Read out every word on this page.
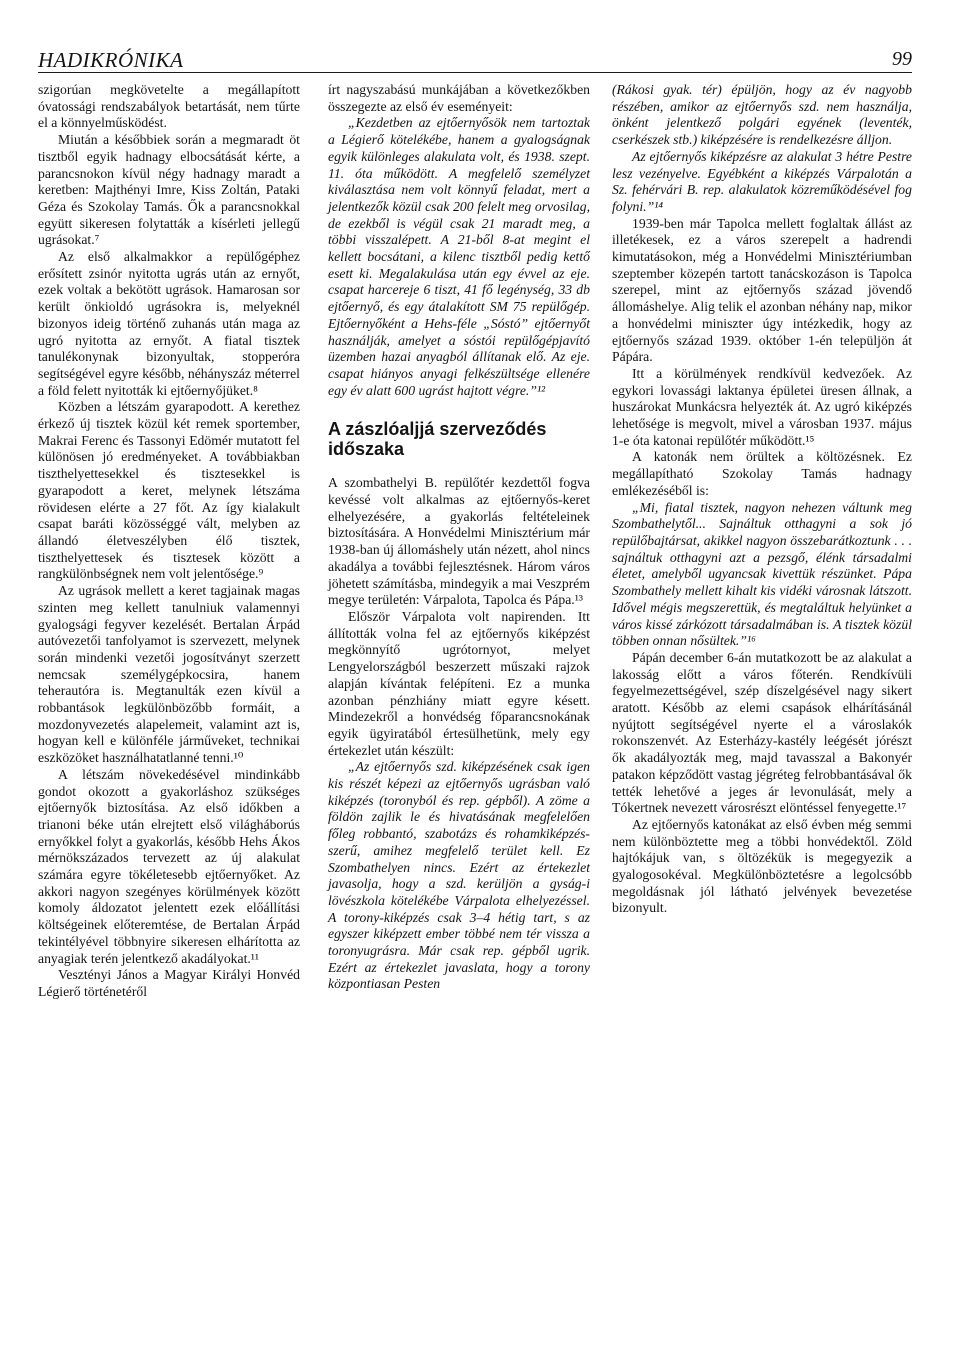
HADIKRÓNIKA	99

szigorúan megkövetelte a megállapított óvatossági rendszabályok betartását, nem tűrte el a könnyelműsködést.

Miután a későbbiek során a megmaradt öt tisztből egyik hadnagy elbocsátását kérte, a parancsnokon kívül négy hadnagy maradt a keretben: Majthényi Imre, Kiss Zoltán, Pataki Géza és Szokolay Tamás. Ők a parancsnokkal együtt sikeresen folytatták a kísérleti jellegű ugrásokat.⁷

Az első alkalmakkor a repülőgéphez erősített zsinór nyitotta ugrás után az ernyőt, ezek voltak a bekötött ugrások. Hamarosan sor került önkioldó ugrásokra is, melyeknél bizonyos ideig történő zuhanás után maga az ugró nyitotta az ernyőt. A fiatal tisztek tanulékonynak bizonyultak, stopperóra segítségével egyre később, néhányszáz méterrel a föld felett nyitották ki ejtőernyőjüket.⁸

Közben a létszám gyarapodott. A kerethez érkező új tisztek közül két remek sportember, Makrai Ferenc és Tassonyi Edömér mutatott fel különösen jó eredményeket. A továbbiakban tiszthelyettesekkel és tisztesekkel is gyarapodott a keret, melynek létszáma rövidesen elérte a 27 főt. Az így kialakult csapat baráti közösséggé vált, melyben az állandó életveszélyben élő tisztek, tiszthelyettesek és tisztesek között a rangkülönbségnek nem volt jelentősége.⁹

Az ugrások mellett a keret tagjainak magas szinten meg kellett tanulniuk valamennyi gyalogsági fegyver kezelését. Bertalan Árpád autóvezetői tanfolyamot is szervezett, melynek során mindenki vezetői jogosítványt szerzett nemcsak személygépkocsira, hanem teherautóra is. Megtanulták ezen kívül a robbantások legkülönbözőbb formáit, a mozdonyvezetés alapelemeit, valamint azt is, hogyan kell e különféle járműveket, technikai eszközöket használhatatlanné tenni.¹⁰

A létszám növekedésével mindinkább gondot okozott a gyakorláshoz szükséges ejtőernyők biztosítása. Az első időkben a trianoni béke után elrejtett első világháborús ernyőkkel folyt a gyakorlás, később Hehs Ákos mérnökszázados tervezett az új alakulat számára egyre tökéletesebb ejtőernyőket. Az akkori nagyon szegényes körülmények között komoly áldozatot jelentett ezek előállítási költségeinek előteremtése, de Bertalan Árpád tekintélyével többnyire sikeresen elhárította az anyagiak terén jelentkező akadályokat.¹¹

Vesztényi János a Magyar Királyi Honvéd Légierő történetéről

írt nagyszabású munkájában a következőkben összegezte az első év eseményeit:

„Kezdetben az ejtőernyősök nem tartoztak a Légierő kötelékébe, hanem a gyalogságnak egyik különleges alakulata volt, és 1938. szept. 11. óta működött. A megfelelő személyzet kiválasztása nem volt könnyű feladat, mert a jelentkezők közül csak 200 felelt meg orvosilag, de ezekből is végül csak 21 maradt meg, a többi visszalépett. A 21-ből 8-at megint el kellett bocsátani, a kilenc tisztből pedig kettő esett ki. Megalakulása után egy évvel az eje. csapat harcereje 6 tiszt, 41 fő legénység, 33 db ejtőernyő, és egy átalakított SM 75 repülőgép. Ejtőernyőként a Hehs-féle „Sóstó” ejtőernyőt használják, amelyet a sóstói repülőgépjavító üzemben hazai anyagból állítanak elő. Az eje. csapat hiányos anyagi felkészültsége ellenére egy év alatt 600 ugrást hajtott végre.”¹²

A zászlóaljjá szerveződés időszaka

A szombathelyi B. repülőtér kezdettől fogva kevéssé volt alkalmas az ejtőernyős-keret elhelyezésére, a gyakorlás feltételeinek biztosítására. A Honvédelmi Minisztérium már 1938-ban új állomáshely után nézett, ahol nincs akadálya a további fejlesztésnek. Három város jöhetett számításba, mindegyik a mai Veszprém megye területén: Várpalota, Tapolca és Pápa.¹³

Először Várpalota volt napirenden. Itt állították volna fel az ejtőernyős kiképzést megkönnyítő ugrótornyot, melyet Lengyelországból beszerzett műszaki rajzok alapján kívántak felépíteni. Ez a munka azonban pénzhiány miatt egyre késett. Mindezekről a honvédség főparancsnokának egyik ügyiratából értesülhetünk, mely egy értekezlet után készült:

„Az ejtőernyős szd. kiképzésének csak igen kis részét képezi az ejtőernyős ugrásban való kiképzés (toronyból és rep. gépből). A zöme a földön zajlik le és hivatásának megfelelően főleg robbantó, szabotázs és rohamkiképzés-szerű, amihez megfelelő terület kell. Ez Szombathelyen nincs. Ezért az értekezlet javasolja, hogy a szd. kerüljön a gyság-i lövészkola kötelékébe Várpalota elhelyezéssel. A torony-kiképzés csak 3–4 hétig tart, s az egyszer kiképzett ember többé nem tér vissza a toronyugrásra. Már csak rep. gépből ugrik. Ezért az értekezlet javaslata, hogy a torony központiasan Pesten

(Rákosi gyak. tér) épüljön, hogy az év nagyobb részében, amikor az ejtőernyős szd. nem használja, önként jelentkező polgári egyének (leventék, cserkészek stb.) kiképzésére is rendelkezésre álljon.

Az ejtőernyős kiképzésre az alakulat 3 hétre Pestre lesz vezényelve. Egyébként a kiképzés Várpalotán a Sz. fehérvári B. rep. alakulatok közreműködésével fog folyni.”¹⁴

1939-ben már Tapolca mellett foglaltak állást az illetékesek, ez a város szerepelt a hadrendi kimutatásokon, még a Honvédelmi Minisztériumban szeptember közepén tartott tanácskozáson is Tapolca szerepel, mint az ejtőernyős század jövendő állomáshelye. Alig telik el azonban néhány nap, mikor a honvédelmi miniszter úgy intézkedik, hogy az ejtőernyős század 1939. október 1-én települjön át Pápára.

Itt a körülmények rendkívül kedvezőek. Az egykori lovassági laktanya épületei üresen állnak, a huszárokat Munkácsra helyezték át. Az ugró kiképzés lehetősége is megvolt, mivel a városban 1937. május 1-e óta katonai repülőtér működött.¹⁵

A katonák nem örültek a költözésnek. Ez megállapítható Szokolay Tamás hadnagy emlékezéséből is:

„Mi, fiatal tisztek, nagyon nehezen váltunk meg Szombathelytől... Sajnáltuk otthagyni a sok jó repülőbajtársat, akikkel nagyon összebarátkoztunk . . . sajnáltuk otthagyni azt a pezsgő, élénk társadalmi életet, amelyből ugyancsak kivettük részünket. Pápa Szombathely mellett kihalt kis vidéki városnak látszott. Idővel mégis megszerettük, és megtaláltuk helyünket a város kissé zárkózott társadalmában is. A tisztek közül többen onnan nősültek.”¹⁶

Pápán december 6-án mutatkozott be az alakulat a lakosság előtt a város főterén. Rendkívüli fegyelmezettségével, szép díszelgésével nagy sikert aratott. Később az elemi csapások elhárításánál nyújtott segítségével nyerte el a városlakók rokonszenvét. Az Esterházy-kastély leégését jórészt ők akadályozták meg, majd tavasszal a Bakonyér patakon képződött vastag jégréteg felrobbantásával ők tették lehetővé a jeges ár levonulását, mely a Tókertnek nevezett városrészt elöntéssel fenyegette.¹⁷

Az ejtőernyős katonákat az első évben még semmi nem különböztette meg a többi honvédektől. Zöld hajtókájuk van, s öltözékük is megegyezik a gyalogosokéval. Megkülönböztetésre a legolcsóbb megoldásnak jól látható jelvények bevezetése bizonyult.
